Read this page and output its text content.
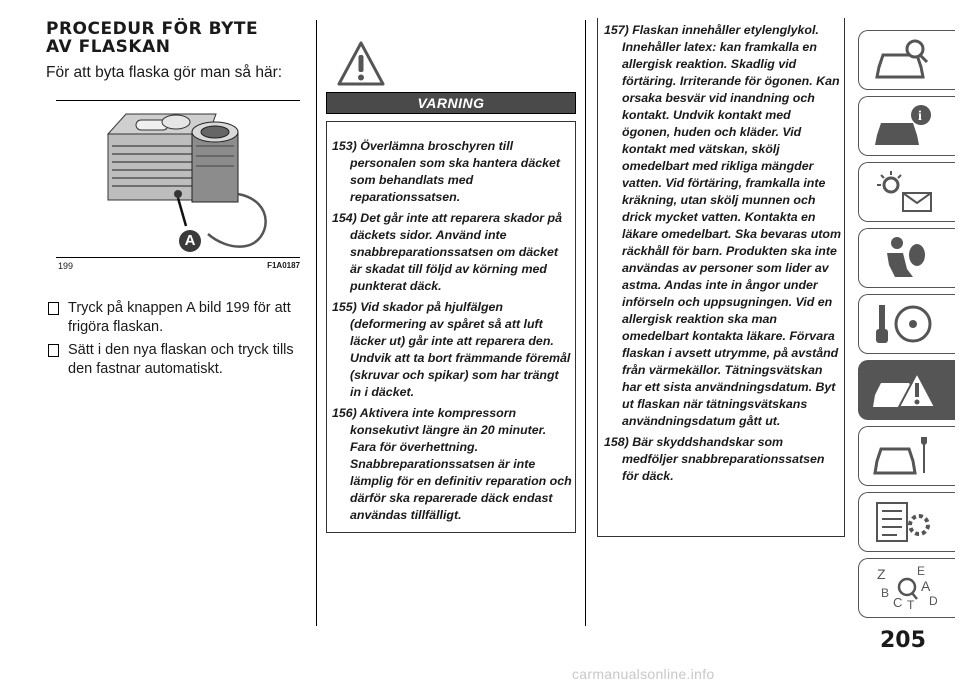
PROCEDUR FÖR BYTE
AV FLASKAN

För att byta flaska gör man så här:

A
199	F1A0187
Tryck på knappen A bild 199 för att frigöra flaskan.
Sätt i den nya flaskan och tryck tills den fastnar automatiskt.
VARNING
153) Överlämna broschyren till personalen som ska hantera däcket som behandlats med reparationssatsen.
154) Det går inte att reparera skador på däckets sidor. Använd inte snabbreparationssatsen om däcket är skadat till följd av körning med punkterat däck.
155) Vid skador på hjulfälgen (deformering av spåret så att luft läcker ut) går inte att reparera den. Undvik att ta bort främmande föremål (skruvar och spikar) som har trängt in i däcket.
156) Aktivera inte kompressorn konsekutivt längre än 20 minuter. Fara för överhettning. Snabbreparationssatsen är inte lämplig för en definitiv reparation och därför ska reparerade däck endast användas tillfälligt.
157) Flaskan innehåller etylenglykol. Innehåller latex: kan framkalla en allergisk reaktion. Skadlig vid förtäring. Irriterande för ögonen. Kan orsaka besvär vid inandning och kontakt. Undvik kontakt med ögonen, huden och kläder. Vid kontakt med vätskan, skölj omedelbart med rikliga mängder vatten. Vid förtäring, framkalla inte kräkning, utan skölj munnen och drick mycket vatten. Kontakta en läkare omedelbart. Ska bevaras utom räckhåll för barn. Produkten ska inte användas av personer som lider av astma. Andas inte in ångor under införseln och uppsugningen. Vid en allergisk reaktion ska man omedelbart kontakta läkare. Förvara flaskan i avsett utrymme, på avstånd från värmekällor. Tätningsvätskan har ett sista användningsdatum. Byt ut flaskan när tätningsvätskans användningsdatum gått ut.
158) Bär skyddshandskar som medföljer snabbreparationssatsen för däck.
i
Z	E
A
B
C T D
205
carmanualsonline.info
